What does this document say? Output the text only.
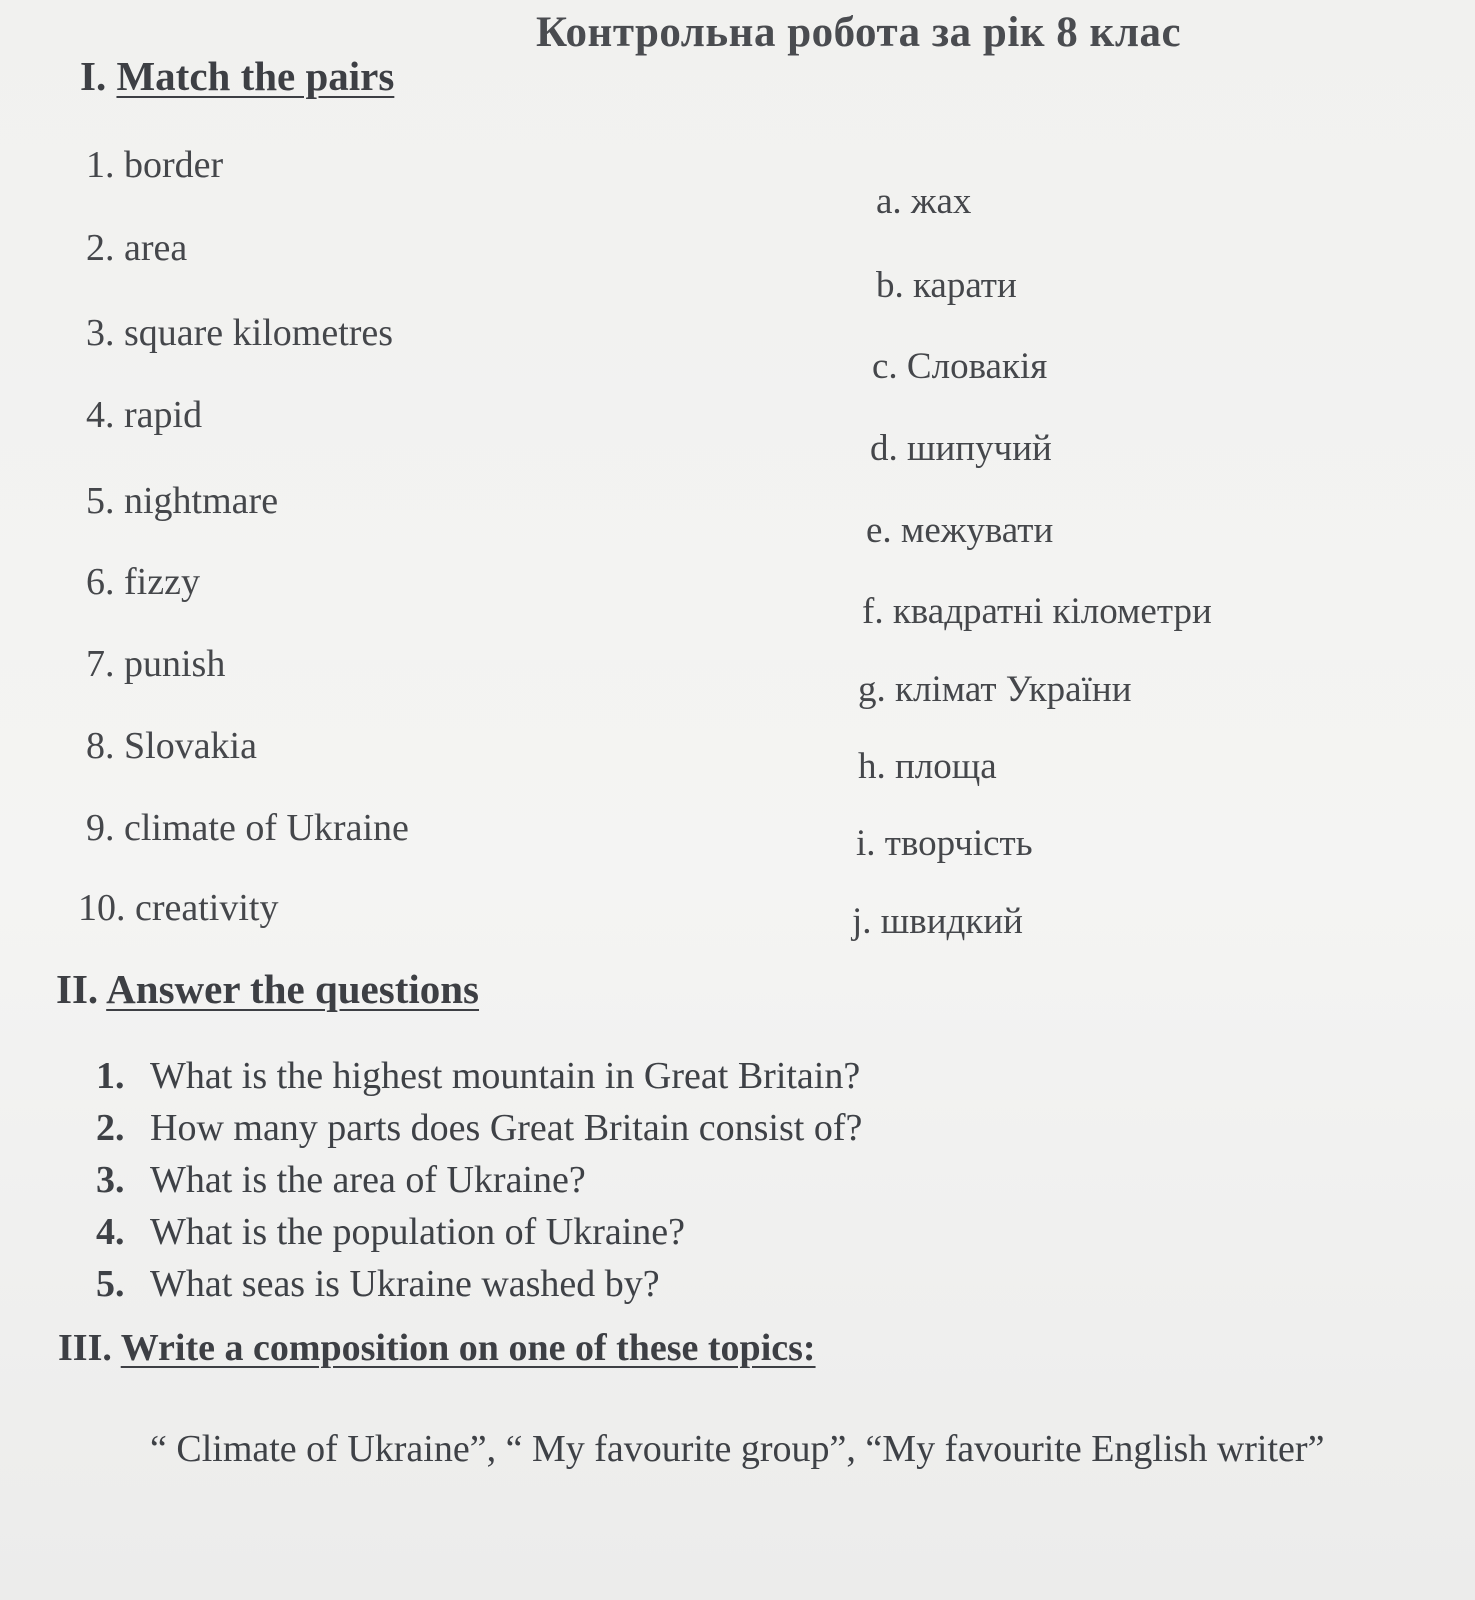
Контрольна робота за рік 8 клас
I. Match the pairs
1. border
2. area
3. square kilometres
4. rapid
5. nightmare
6. fizzy
7. punish
8. Slovakia
9. climate of Ukraine
10. creativity
a. жах
b. карати
c. Словакія
d. шипучий
e. межувати
f. квадратні кілометри
g. клімат України
h. площа
i. творчість
j. швидкий
II. Answer the questions
1. What is the highest mountain in Great Britain?
2. How many parts does Great Britain consist of?
3. What is the area of Ukraine?
4. What is the population of Ukraine?
5. What seas is Ukraine washed by?
III. Write a composition on one of these topics:
“ Climate of Ukraine”, “ My favourite group”, “My favourite English writer”
